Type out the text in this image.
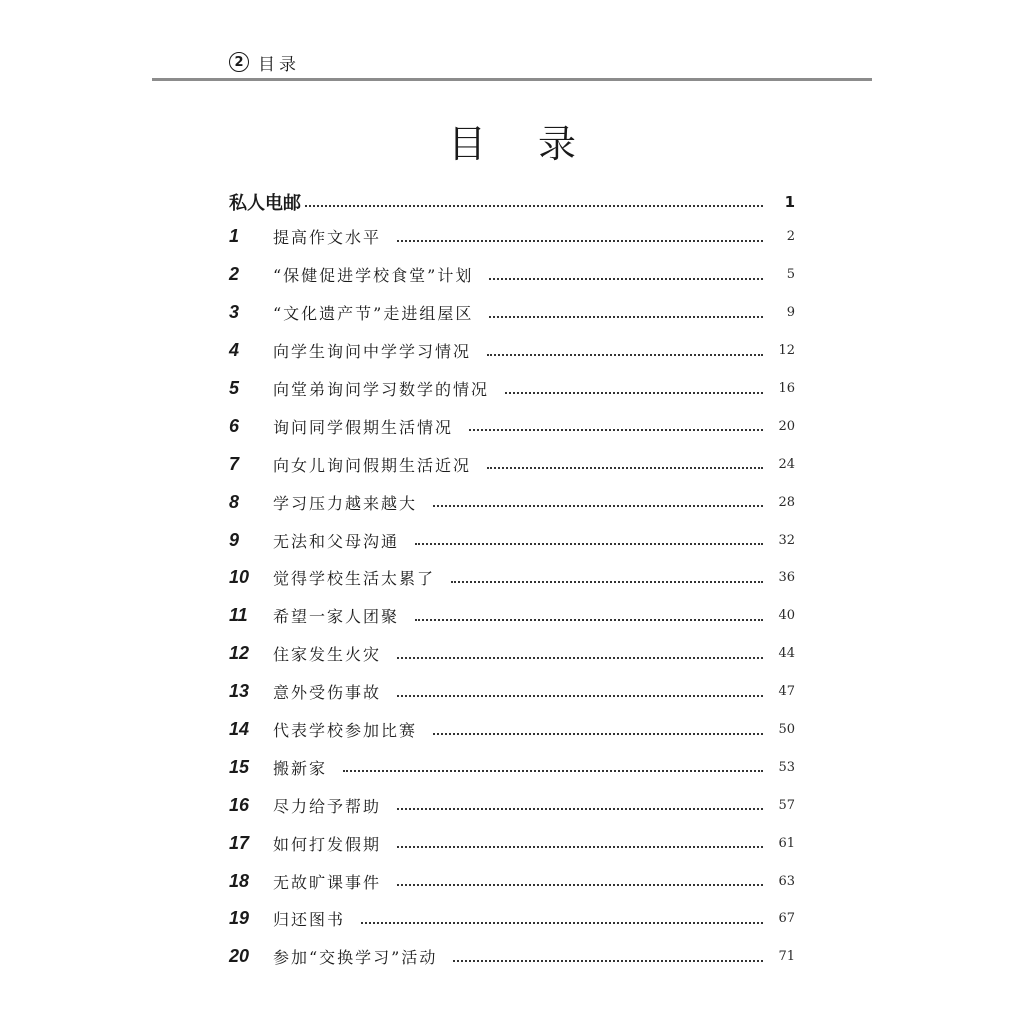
2 目录
目 录
私人电邮	1
1	提高作文水平	2
2	“保健促进学校食堂”计划	5
3	“文化遗产节”走进组屋区	9
4	向学生询问中学学习情况	12
5	向堂弟询问学习数学的情况	16
6	询问同学假期生活情况	20
7	向女儿询问假期生活近况	24
8	学习压力越来越大	28
9	无法和父母沟通	32
10	觉得学校生活太累了	36
11	希望一家人团聚	40
12	住家发生火灾	44
13	意外受伤事故	47
14	代表学校参加比赛	50
15	搬新家	53
16	尽力给予帮助	57
17	如何打发假期	61
18	无故旷课事件	63
19	归还图书	67
20	参加“交换学习”活动	71
